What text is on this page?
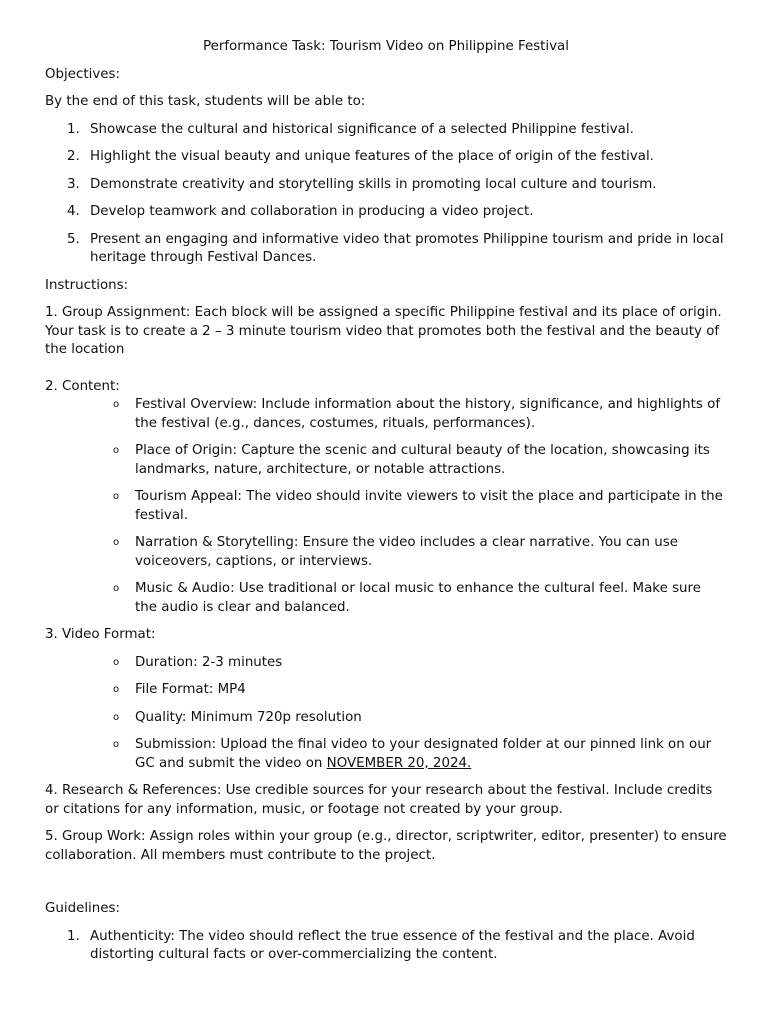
Performance Task: Tourism Video on Philippine Festival
Objectives:
By the end of this task, students will be able to:
1. Showcase the cultural and historical significance of a selected Philippine festival.
2. Highlight the visual beauty and unique features of the place of origin of the festival.
3. Demonstrate creativity and storytelling skills in promoting local culture and tourism.
4. Develop teamwork and collaboration in producing a video project.
5. Present an engaging and informative video that promotes Philippine tourism and pride in local heritage through Festival Dances.
Instructions:
1. Group Assignment: Each block will be assigned a specific Philippine festival and its place of origin. Your task is to create a 2 – 3 minute tourism video that promotes both the festival and the beauty of the location
2. Content:
o Festival Overview: Include information about the history, significance, and highlights of the festival (e.g., dances, costumes, rituals, performances).
o Place of Origin: Capture the scenic and cultural beauty of the location, showcasing its landmarks, nature, architecture, or notable attractions.
o Tourism Appeal: The video should invite viewers to visit the place and participate in the festival.
o Narration & Storytelling: Ensure the video includes a clear narrative. You can use voiceovers, captions, or interviews.
o Music & Audio: Use traditional or local music to enhance the cultural feel. Make sure the audio is clear and balanced.
3. Video Format:
o Duration: 2-3 minutes
o File Format: MP4
o Quality: Minimum 720p resolution
o Submission: Upload the final video to your designated folder at our pinned link on our GC and submit the video on NOVEMBER 20, 2024.
4. Research & References: Use credible sources for your research about the festival. Include credits or citations for any information, music, or footage not created by your group.
5. Group Work: Assign roles within your group (e.g., director, scriptwriter, editor, presenter) to ensure collaboration. All members must contribute to the project.
Guidelines:
1. Authenticity: The video should reflect the true essence of the festival and the place. Avoid distorting cultural facts or over-commercializing the content.
